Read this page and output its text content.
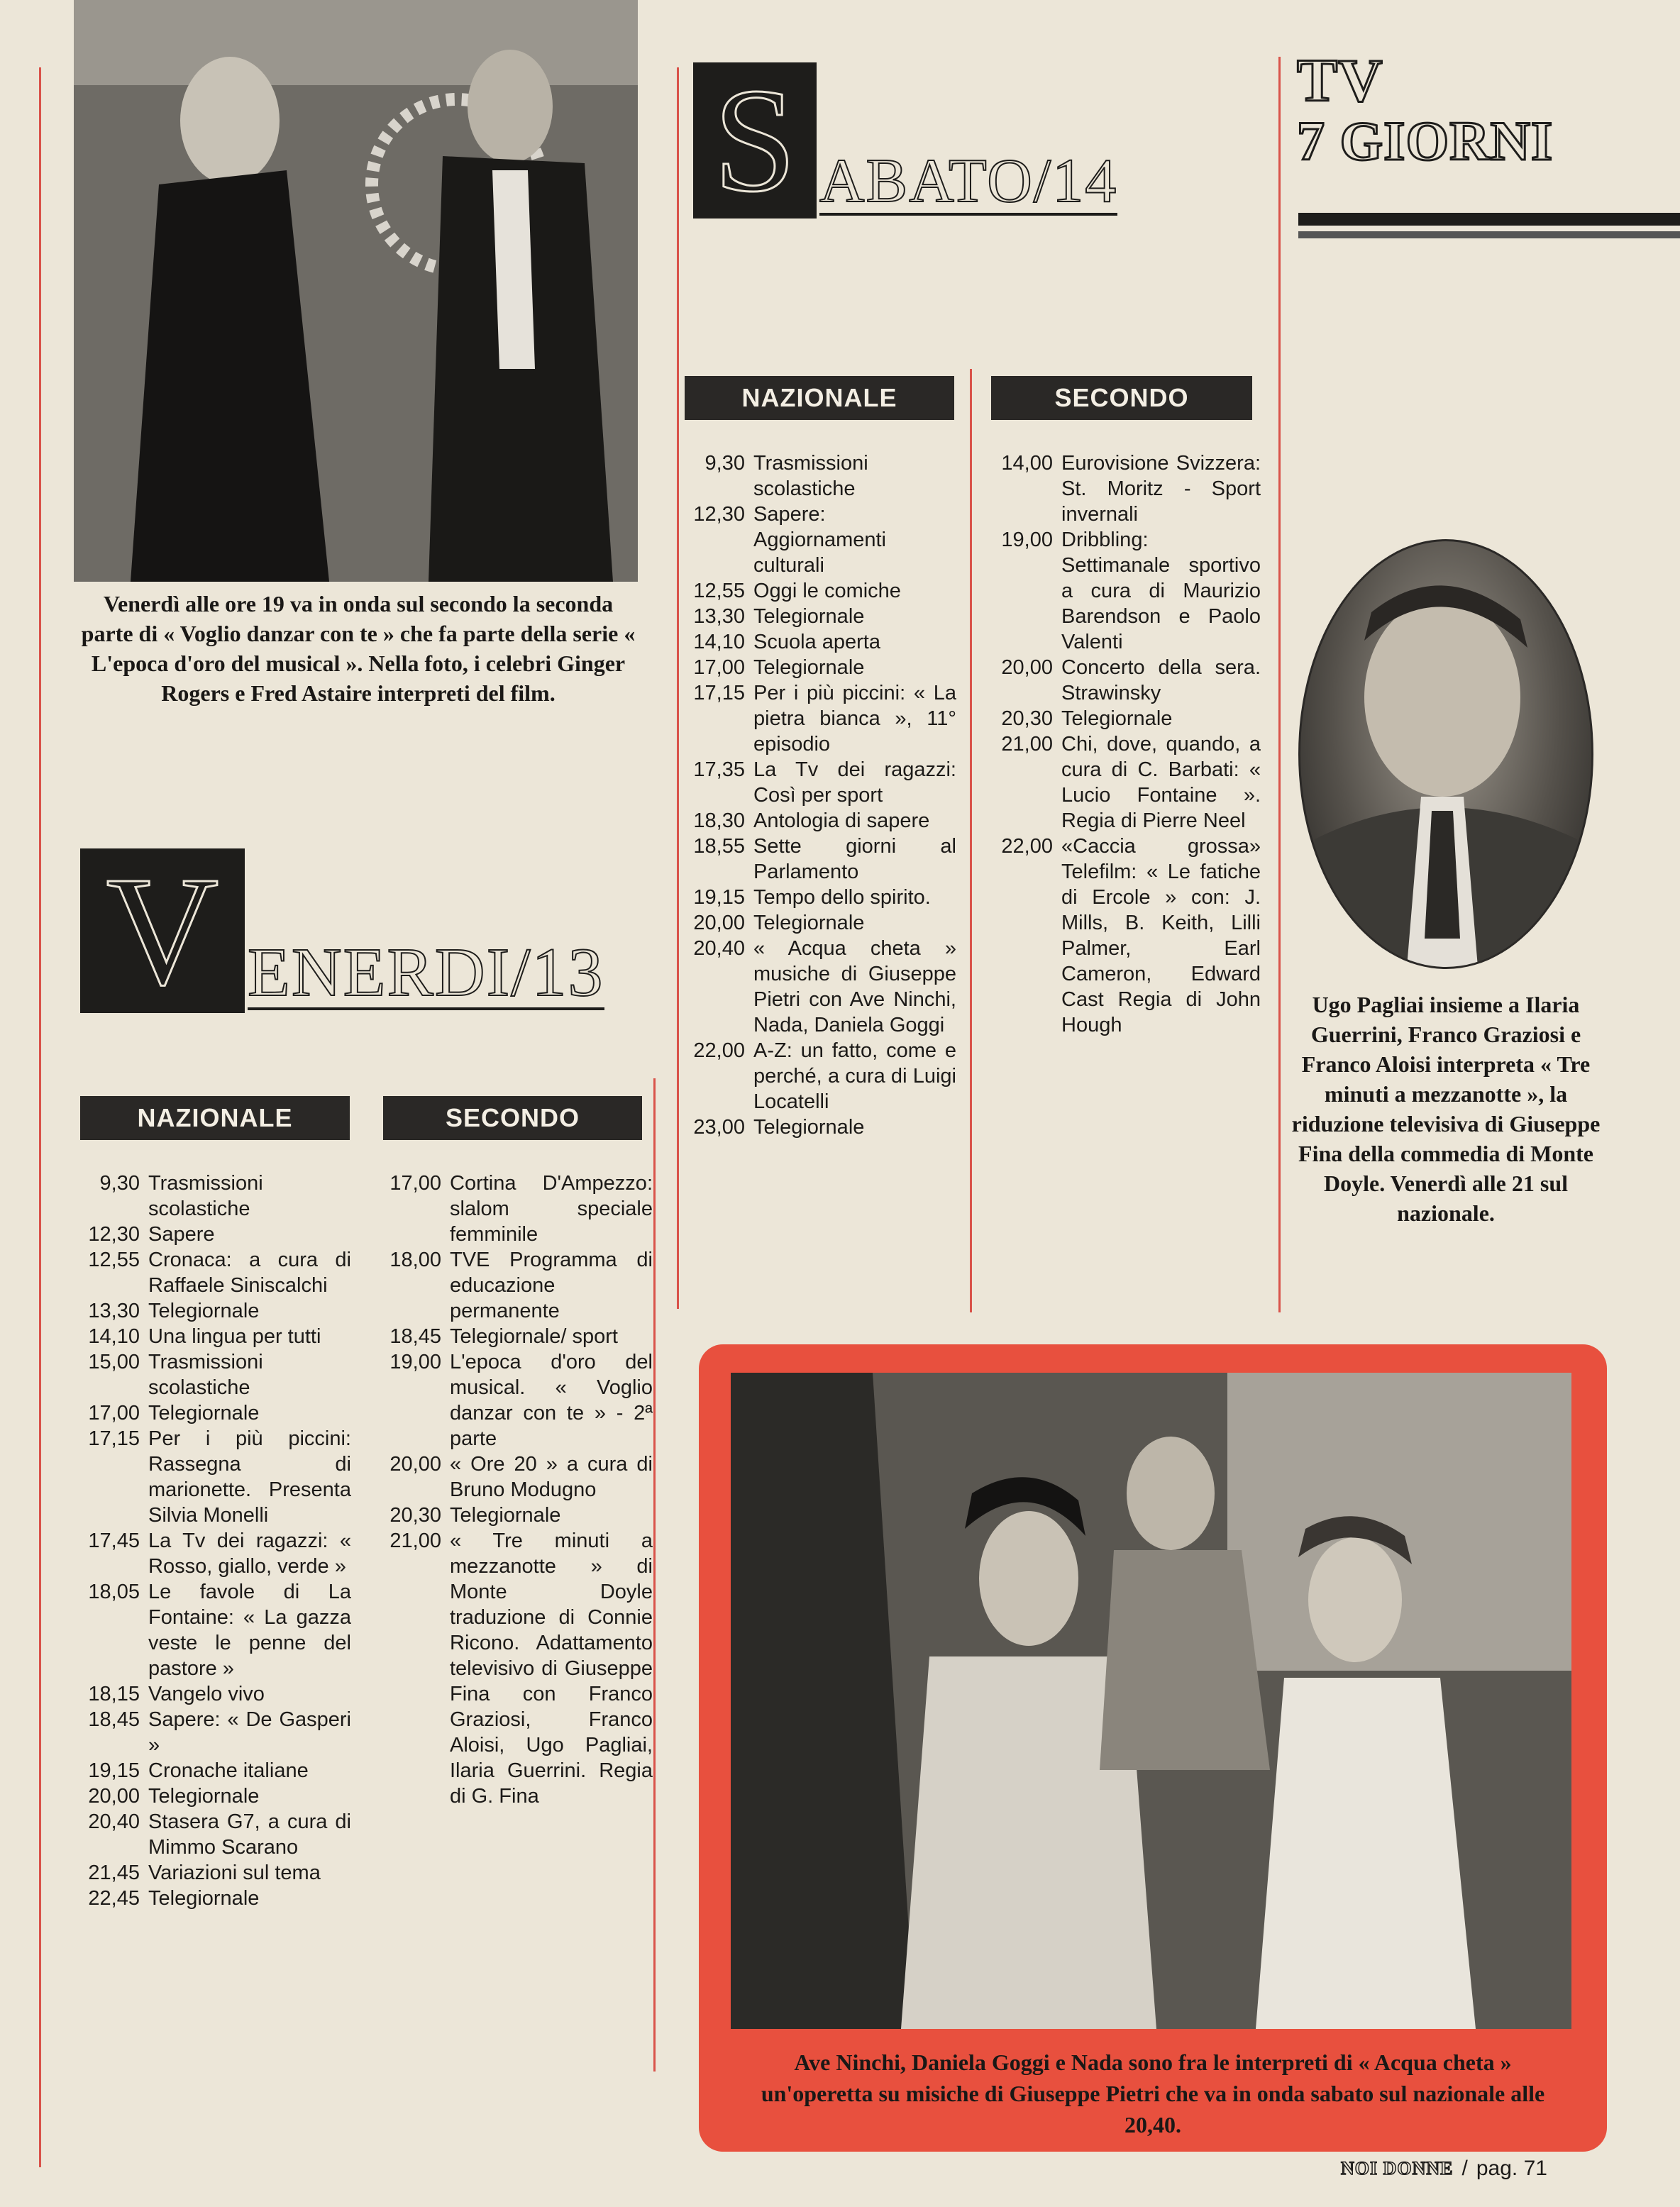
Venerdì alle ore 19 va in onda sul secondo la seconda parte di « Voglio danzar con te » che fa parte della serie « L'epoca d'oro del musical ». Nella foto, i celebri Ginger Rogers e Fred Astaire interpreti del film.
TV
7 GIORNI
S ABATO/14
NAZIONALE	SECONDO
9,30 Trasmissioni scolastiche
12,30 Sapere: Aggiornamenti culturali
12,55 Oggi le comiche
13,30 Telegiornale
14,10 Scuola aperta
17,00 Telegiornale
17,15 Per i più piccini: « La pietra bianca », 11° episodio
17,35 La Tv dei ragazzi: Così per sport
18,30 Antologia di sapere
18,55 Sette giorni al Parlamento
19,15 Tempo dello spirito.
20,00 Telegiornale
20,40 « Acqua cheta » musiche di Giuseppe Pietri con Ave Ninchi, Nada, Daniela Goggi
22,00 A-Z: un fatto, come e perché, a cura di Luigi Locatelli
23,00 Telegiornale
14,00 Eurovisione Svizzera: St. Moritz - Sport invernali
19,00 Dribbling: Settimanale sportivo a cura di Maurizio Barendson e Paolo Valenti
20,00 Concerto della sera. Strawinsky
20,30 Telegiornale
21,00 Chi, dove, quando, a cura di C. Barbati: « Lucio Fontaine ». Regia di Pierre Neel
22,00 «Caccia grossa» Telefilm: « Le fatiche di Ercole » con: J. Mills, B. Keith, Lilli Palmer, Earl Cameron, Edward Cast Regia di John Hough
Ugo Pagliai insieme a Ilaria Guerrini, Franco Graziosi e Franco Aloisi interpreta « Tre minuti a mezzanotte », la riduzione televisiva di Giuseppe Fina della commedia di Monte Doyle. Venerdì alle 21 sul nazionale.
V ENERDI/13
NAZIONALE	SECONDO
9,30 Trasmissioni scolastiche
12,30 Sapere
12,55 Cronaca: a cura di Raffaele Siniscalchi
13,30 Telegiornale
14,10 Una lingua per tutti
15,00 Trasmissioni scolastiche
17,00 Telegiornale
17,15 Per i più piccini: Rassegna di marionette. Presenta Silvia Monelli
17,45 La Tv dei ragazzi: « Rosso, giallo, verde »
18,05 Le favole di La Fontaine: « La gazza veste le penne del pastore »
18,15 Vangelo vivo
18,45 Sapere: « De Gasperi »
19,15 Cronache italiane
20,00 Telegiornale
20,40 Stasera G7, a cura di Mimmo Scarano
21,45 Variazioni sul tema
22,45 Telegiornale
17,00 Cortina D'Ampezzo: slalom speciale femminile
18,00 TVE Programma di educazione permanente
18,45 Telegiornale/ sport
19,00 L'epoca d'oro del musical. « Voglio danzar con te » - 2ª parte
20,00 « Ore 20 » a cura di Bruno Modugno
20,30 Telegiornale
21,00 « Tre minuti a mezzanotte » di Monte Doyle traduzione di Connie Ricono. Adattamento televisivo di Giuseppe Fina con Franco Graziosi, Franco Aloisi, Ugo Pagliai, Ilaria Guerrini. Regia di G. Fina
Ave Ninchi, Daniela Goggi e Nada sono fra le interpreti di « Acqua cheta » un'operetta su misiche di Giuseppe Pietri che va in onda sabato sul nazionale alle 20,40.
NOI DONNE / pag. 71
